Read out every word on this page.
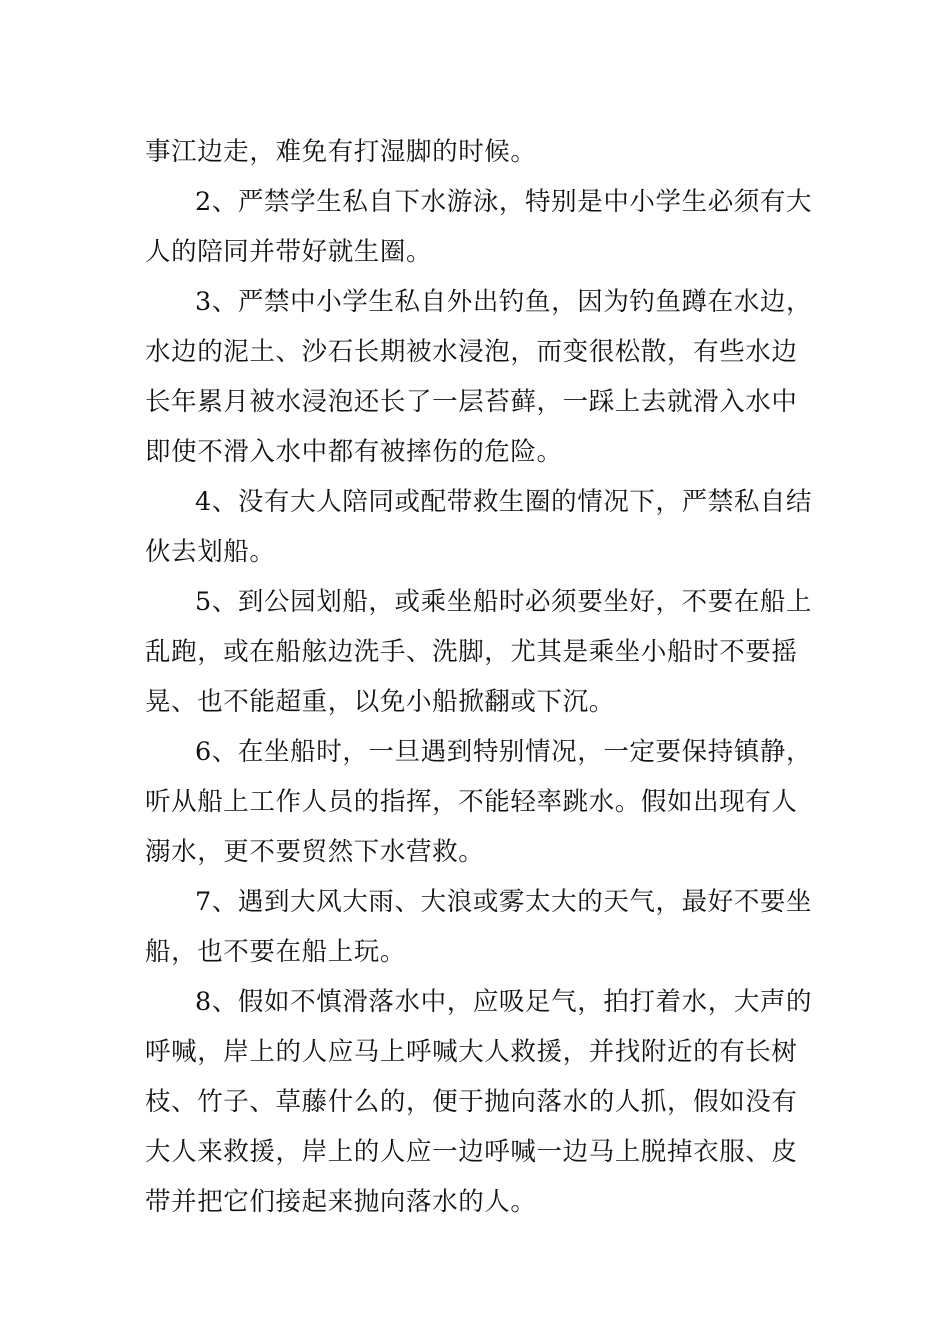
事江边走，难免有打湿脚的时候。
2、严禁学生私自下水游泳，特别是中小学生必须有大
人的陪同并带好就生圈。
3、严禁中小学生私自外出钓鱼，因为钓鱼蹲在水边，
水边的泥土、沙石长期被水浸泡，而变很松散，有些水边
长年累月被水浸泡还长了一层苔藓，一踩上去就滑入水中
即使不滑入水中都有被摔伤的危险。
4、没有大人陪同或配带救生圈的情况下，严禁私自结
伙去划船。
5、到公园划船，或乘坐船时必须要坐好，不要在船上
乱跑，或在船舷边洗手、洗脚，尤其是乘坐小船时不要摇
晃、也不能超重，以免小船掀翻或下沉。
6、在坐船时，一旦遇到特别情况，一定要保持镇静，
听从船上工作人员的指挥，不能轻率跳水。假如出现有人
溺水，更不要贸然下水营救。
7、遇到大风大雨、大浪或雾太大的天气，最好不要坐
船，也不要在船上玩。
8、假如不慎滑落水中，应吸足气，拍打着水，大声的
呼喊，岸上的人应马上呼喊大人救援，并找附近的有长树
枝、竹子、草藤什么的，便于抛向落水的人抓，假如没有
大人来救援，岸上的人应一边呼喊一边马上脱掉衣服、皮
带并把它们接起来抛向落水的人。
